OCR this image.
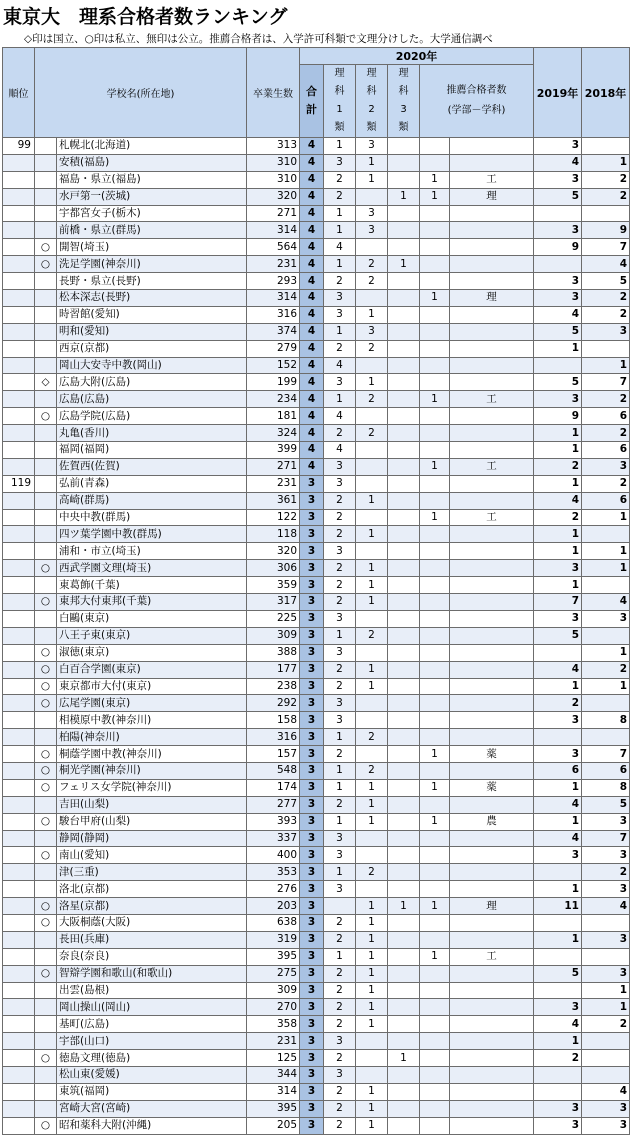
東京大　理系合格者数ランキング
◇印は国立、○印は私立、無印は公立。推薦合格者は、入学許可科類で文理分けした。大学通信調べ
順位	学校名(所在地)		卒業生数	2020年						2019年	2018年
				合計	理科1類	理科2類	理科3類	推薦合格者数
(学部－学科)			

99		札幌北(北海道)	313	4	1	3				3	
		安積(福島)	310	4	3	1				4	1
		福島・県立(福島)	310	4	2	1		1	工	3	2
		水戸第一(茨城)	320	4	2		1	1	理	5	2
		宇都宮女子(栃木)	271	4	1	3					
		前橋・県立(群馬)	314	4	1	3				3	9
	○	開智(埼玉)	564	4	4					9	7
	○	洗足学園(神奈川)	231	4	1	2	1				4
		長野・県立(長野)	293	4	2	2				3	5
		松本深志(長野)	314	4	3			1	理	3	2
		時習館(愛知)	316	4	3	1				4	2
		明和(愛知)	374	4	1	3				5	3
		西京(京都)	279	4	2	2				1	
		岡山大安寺中教(岡山)	152	4	4						1
	◇	広島大附(広島)	199	4	3	1				5	7
		広島(広島)	234	4	1	2		1	工	3	2
	○	広島学院(広島)	181	4	4					9	6
		丸亀(香川)	324	4	2	2				1	2
		福岡(福岡)	399	4	4					1	6
		佐賀西(佐賀)	271	4	3			1	工	2	3
119		弘前(青森)	231	3	3					1	2
		高崎(群馬)	361	3	2	1				4	6
		中央中教(群馬)	122	3	2			1	工	2	1
		四ツ葉学園中教(群馬)	118	3	2	1				1	
		浦和・市立(埼玉)	320	3	3					1	1
	○	西武学園文理(埼玉)	306	3	2	1				3	1
		東葛飾(千葉)	359	3	2	1				1	
	○	東邦大付東邦(千葉)	317	3	2	1				7	4
		白鷗(東京)	225	3	3					3	3
		八王子東(東京)	309	3	1	2				5	
	○	淑徳(東京)	388	3	3						1
	○	白百合学園(東京)	177	3	2	1				4	2
	○	東京都市大付(東京)	238	3	2	1				1	1
	○	広尾学園(東京)	292	3	3					2	
		相模原中教(神奈川)	158	3	3					3	8
		柏陽(神奈川)	316	3	1	2					
	○	桐蔭学園中教(神奈川)	157	3	2			1	薬	3	7
	○	桐光学園(神奈川)	548	3	1	2				6	6
	○	フェリス女学院(神奈川)	174	3	1	1		1	薬	1	8
		吉田(山梨)	277	3	2	1				4	5
	○	駿台甲府(山梨)	393	3	1	1		1	農	1	3
		静岡(静岡)	337	3	3					4	7
	○	南山(愛知)	400	3	3					3	3
		津(三重)	353	3	1	2					2
		洛北(京都)	276	3	3					1	3
	○	洛星(京都)	203	3		1	1	1	理	11	4
	○	大阪桐蔭(大阪)	638	3	2	1					
		長田(兵庫)	319	3	2	1				1	3
		奈良(奈良)	395	3	1	1		1	工		
	○	智辯学園和歌山(和歌山)	275	3	2	1				5	3
		出雲(島根)	309	3	2	1					1
		岡山操山(岡山)	270	3	2	1				3	1
		基町(広島)	358	3	2	1				4	2
		宇部(山口)	231	3	3					1	
	○	徳島文理(徳島)	125	3	2		1			2	
		松山東(愛媛)	344	3	3						
		東筑(福岡)	314	3	2	1					4
		宮崎大宮(宮崎)	395	3	2	1				3	3
	○	昭和薬科大附(沖縄)	205	3	2	1				3	3
